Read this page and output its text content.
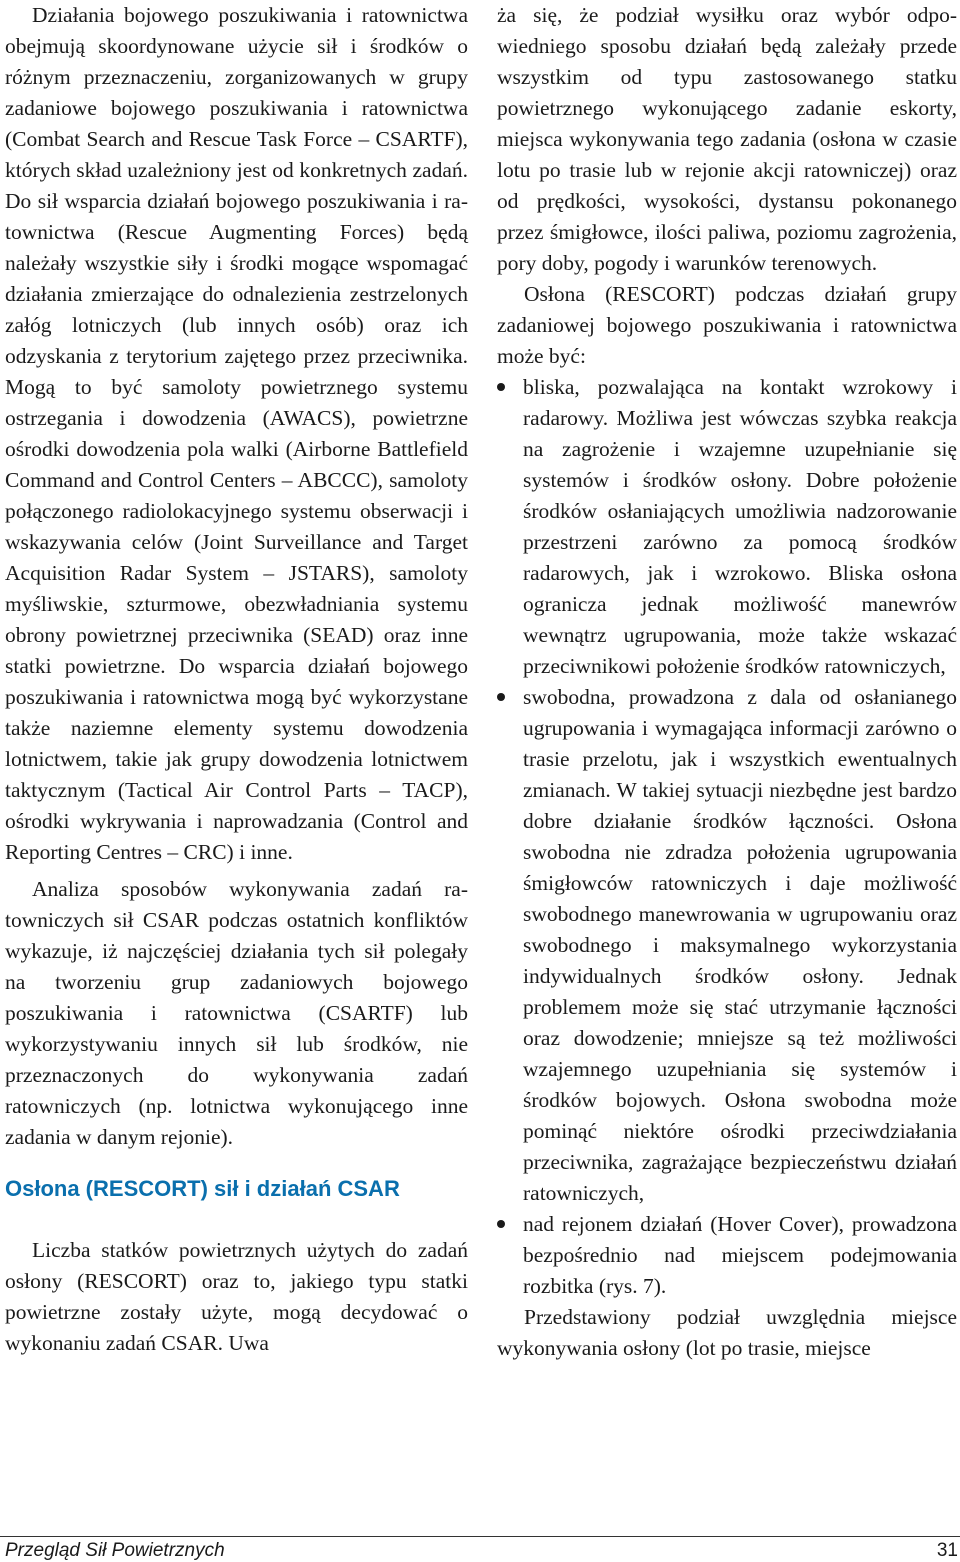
Działania bojowego poszukiwania i ratownictwa obejmują skoordynowane użycie sił i środków o różnym przeznaczeniu, zorganizowanych w grupy zadaniowe bojowego poszukiwania i ratownictwa (Combat Search and Rescue Task Force – CSARTF), których skład uzależniony jest od konkretnych zadań. Do sił wsparcia działań bojowego poszukiwania i ratownictwa (Rescue Augmenting Forces) będą należały wszystkie siły i środki mogące wspomagać działania zmierzające do odnalezienia zestrzelonych załóg lotniczych (lub innych osób) oraz ich odzyskania z terytorium zajętego przez przeciwnika. Mogą to być samoloty powietrznego systemu ostrzegania i dowodzenia (AWACS), powietrzne ośrodki dowodzenia pola walki (Airborne Battlefield Command and Control Centers – ABCCC), samoloty połączonego radiolokacyjnego systemu obserwacji i wskazywania celów (Joint Surveillance and Target Acquisition Radar System – JSTARS), samoloty myśliwskie, szturmowe, obezwładniania systemu obrony powietrznej przeciwnika (SEAD) oraz inne statki powietrzne. Do wsparcia działań bojowego poszukiwania i ratownictwa mogą być wykorzystane także naziemne elementy systemu dowodzenia lotnictwem, takie jak grupy dowodzenia lotnictwem taktycznym (Tactical Air Control Parts – TACP), ośrodki wykrywania i naprowadzania (Control and Reporting Centres – CRC) i inne.

Analiza sposobów wykonywania zadań ratowniczych sił CSAR podczas ostatnich konfliktów wykazuje, iż najczęściej działania tych sił polegały na tworzeniu grup zadaniowych bojowego poszukiwania i ratownictwa (CSARTF) lub wykorzystywaniu innych sił lub środków, nie przeznaczonych do wykonywania zadań ratowniczych (np. lotnictwa wykonującego inne zadania w danym rejonie).

Osłona (RESCORT) sił i działań CSAR

Liczba statków powietrznych użytych do zadań osłony (RESCORT) oraz to, jakiego typu statki powietrzne zostały użyte, mogą decydować o wykonaniu zadań CSAR. Uwa

ża się, że podział wysiłku oraz wybór odpowiedniego sposobu działań będą zależały przede wszystkim od typu zastosowanego statku powietrznego wykonującego zadanie eskorty, miejsca wykonywania tego zadania (osłona w czasie lotu po trasie lub w rejonie akcji ratowniczej) oraz od prędkości, wysokości, dystansu pokonanego przez śmigłowce, ilości paliwa, poziomu zagrożenia, pory doby, pogody i warunków terenowych.

Osłona (RESCORT) podczas działań grupy zadaniowej bojowego poszukiwania i ratownictwa może być:

bliska, pozwalająca na kontakt wzrokowy i radarowy. Możliwa jest wówczas szybka reakcja na zagrożenie i wzajemne uzupełnianie się systemów i środków osłony. Dobre położenie środków osłaniających umożliwia nadzorowanie przestrzeni zarówno za pomocą środków radarowych, jak i wzrokowo. Bliska osłona ogranicza jednak możliwość manewrów wewnątrz ugrupowania, może także wskazać przeciwnikowi położenie środków ratowniczych,
swobodna, prowadzona z dala od osłanianego ugrupowania i wymagająca informacji zarówno o trasie przelotu, jak i wszystkich ewentualnych zmianach. W takiej sytuacji niezbędne jest bardzo dobre działanie środków łączności. Osłona swobodna nie zdradza położenia ugrupowania śmigłowców ratowniczych i daje możliwość swobodnego manewrowania w ugrupowaniu oraz swobodnego i maksymalnego wykorzystania indywidualnych środków osłony. Jednak problemem może się stać utrzymanie łączności oraz dowodzenie; mniejsze są też możliwości wzajemnego uzupełniania się systemów i środków bojowych. Osłona swobodna może pominąć niektóre ośrodki przeciwdziałania przeciwnika, zagrażające bezpieczeństwu działań ratowniczych,
nad rejonem działań (Hover Cover), prowadzona bezpośrednio nad miejscem podejmowania rozbitka (rys. 7).

Przedstawiony podział uwzględnia miejsce wykonywania osłony (lot po trasie, miejsce

Przegląd Sił Powietrznych	31
